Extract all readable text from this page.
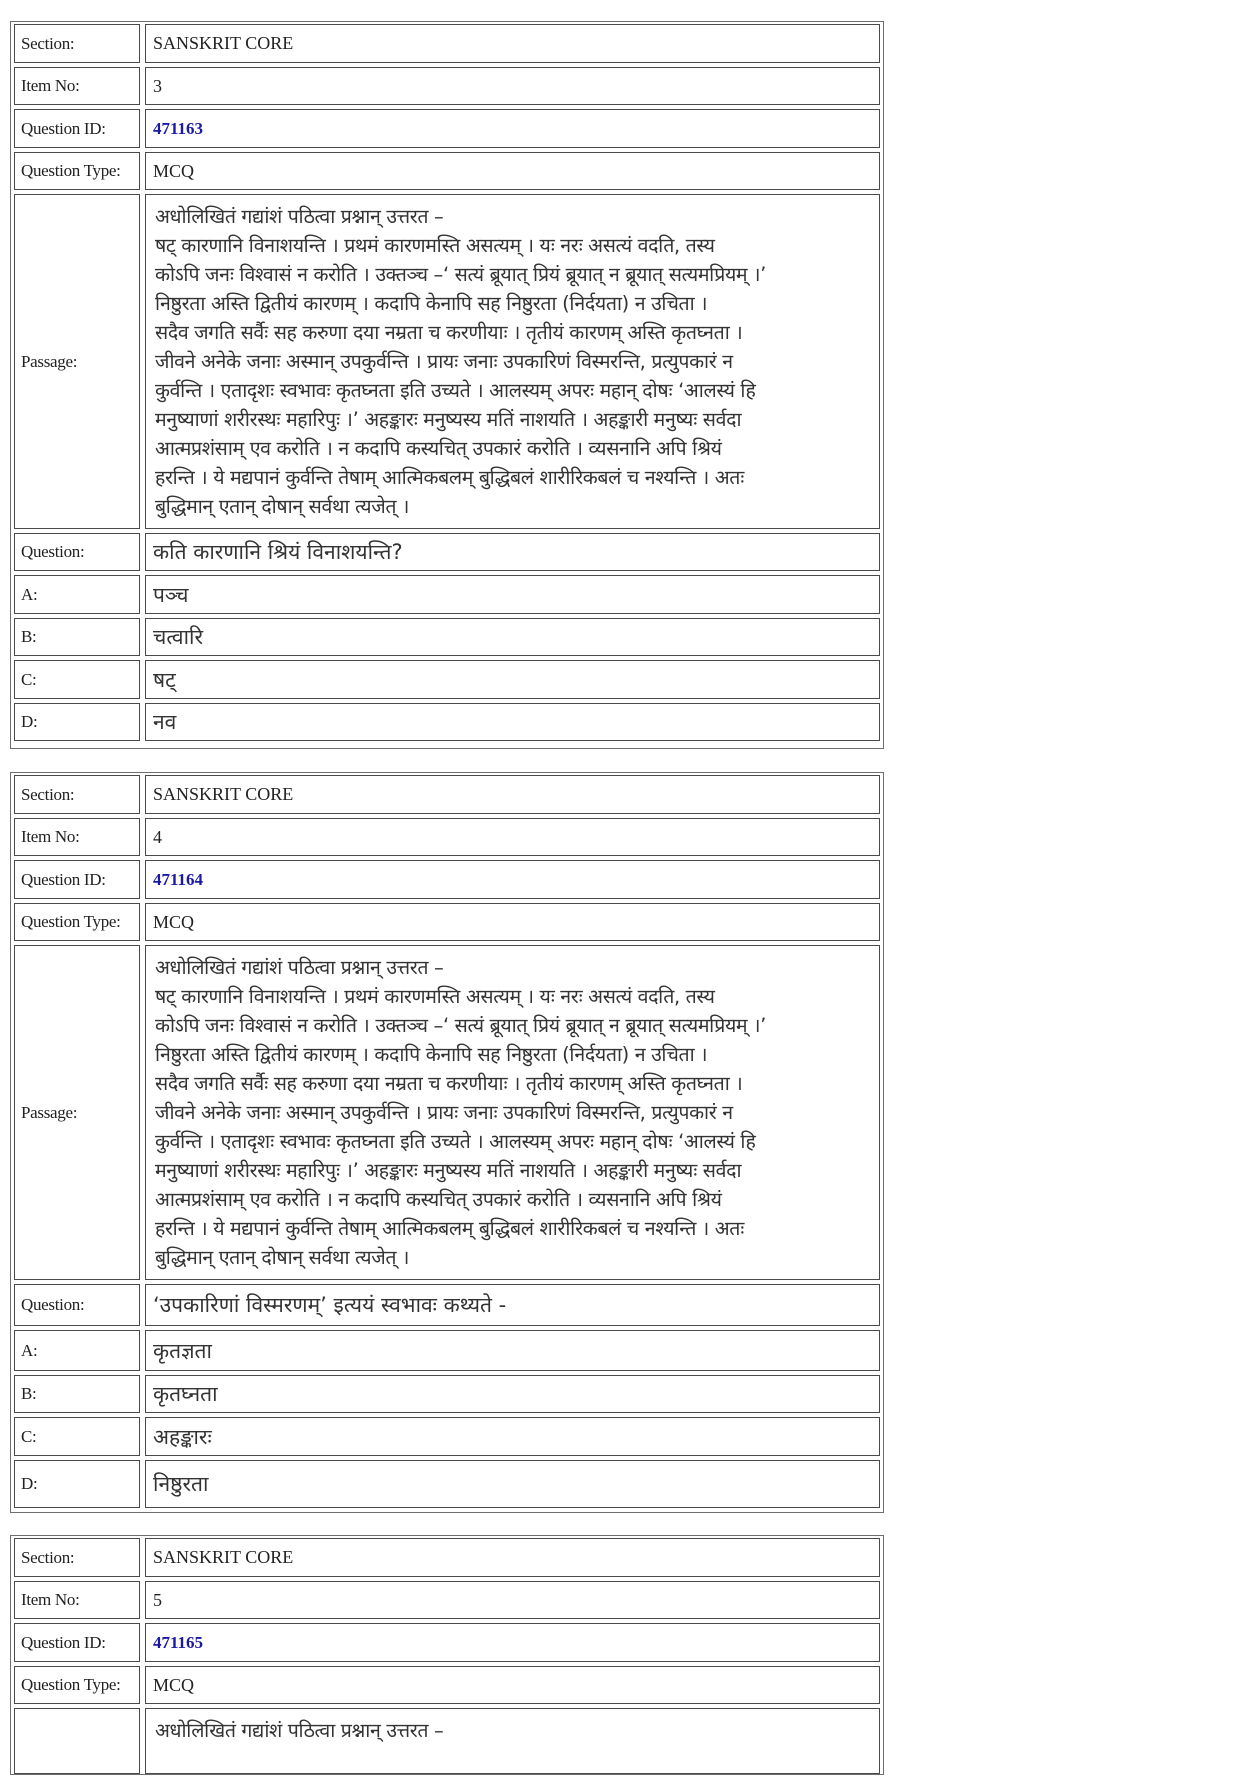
Section:	SANSKRIT CORE
Item No:	3
Question ID:	471163
Question Type:	MCQ
Passage:
अधोलिखितं गद्यांशं पठित्वा प्रश्नान् उत्तरत –
षट् कारणानि विनाशयन्ति । प्रथमं कारणमस्ति असत्यम् । यः नरः असत्यं वदति, तस्य
कोऽपि जनः विश्वासं न करोति । उक्तञ्च –‘ सत्यं ब्रूयात् प्रियं ब्रूयात् न ब्रूयात् सत्यमप्रियम् ।’
निष्ठुरता अस्ति द्वितीयं कारणम् । कदापि केनापि सह निष्ठुरता (निर्दयता) न उचिता ।
सदैव जगति सर्वैः सह करुणा दया नम्रता च करणीयाः । तृतीयं कारणम् अस्ति कृतघ्नता ।
जीवने अनेके जनाः अस्मान् उपकुर्वन्ति । प्रायः जनाः उपकारिणं विस्मरन्ति, प्रत्युपकारं न
कुर्वन्ति । एतादृशः स्वभावः कृतघ्नता इति उच्यते । आलस्यम् अपरः महान् दोषः ‘आलस्यं हि
मनुष्याणां शरीरस्थः महारिपुः ।’ अहङ्कारः मनुष्यस्य मतिं नाशयति । अहङ्कारी मनुष्यः सर्वदा
आत्मप्रशंसाम् एव करोति । न कदापि कस्यचित् उपकारं करोति । व्यसनानि अपि श्रियं
हरन्ति । ये मद्यपानं कुर्वन्ति तेषाम् आत्मिकबलम् बुद्धिबलं शारीरिकबलं च नश्यन्ति । अतः
बुद्धिमान् एतान् दोषान् सर्वथा त्यजेत् ।
Question:	कति कारणानि श्रियं विनाशयन्ति?
A:	पञ्च
B:	चत्वारि
C:	षट्
D:	नव
Section:	SANSKRIT CORE
Item No:	4
Question ID:	471164
Question Type:	MCQ
Passage:
अधोलिखितं गद्यांशं पठित्वा प्रश्नान् उत्तरत –
षट् कारणानि विनाशयन्ति । प्रथमं कारणमस्ति असत्यम् । यः नरः असत्यं वदति, तस्य
कोऽपि जनः विश्वासं न करोति । उक्तञ्च –‘ सत्यं ब्रूयात् प्रियं ब्रूयात् न ब्रूयात् सत्यमप्रियम् ।’
निष्ठुरता अस्ति द्वितीयं कारणम् । कदापि केनापि सह निष्ठुरता (निर्दयता) न उचिता ।
सदैव जगति सर्वैः सह करुणा दया नम्रता च करणीयाः । तृतीयं कारणम् अस्ति कृतघ्नता ।
जीवने अनेके जनाः अस्मान् उपकुर्वन्ति । प्रायः जनाः उपकारिणं विस्मरन्ति, प्रत्युपकारं न
कुर्वन्ति । एतादृशः स्वभावः कृतघ्नता इति उच्यते । आलस्यम् अपरः महान् दोषः ‘आलस्यं हि
मनुष्याणां शरीरस्थः महारिपुः ।’ अहङ्कारः मनुष्यस्य मतिं नाशयति । अहङ्कारी मनुष्यः सर्वदा
आत्मप्रशंसाम् एव करोति । न कदापि कस्यचित् उपकारं करोति । व्यसनानि अपि श्रियं
हरन्ति । ये मद्यपानं कुर्वन्ति तेषाम् आत्मिकबलम् बुद्धिबलं शारीरिकबलं च नश्यन्ति । अतः
बुद्धिमान् एतान् दोषान् सर्वथा त्यजेत् ।
Question:	‘उपकारिणां विस्मरणम्’ इत्ययं स्वभावः कथ्यते -
A:	कृतज्ञता
B:	कृतघ्नता
C:	अहङ्कारः
D:	निष्ठुरता
Section:	SANSKRIT CORE
Item No:	5
Question ID:	471165
Question Type:	MCQ
अधोलिखितं गद्यांशं पठित्वा प्रश्नान् उत्तरत –
